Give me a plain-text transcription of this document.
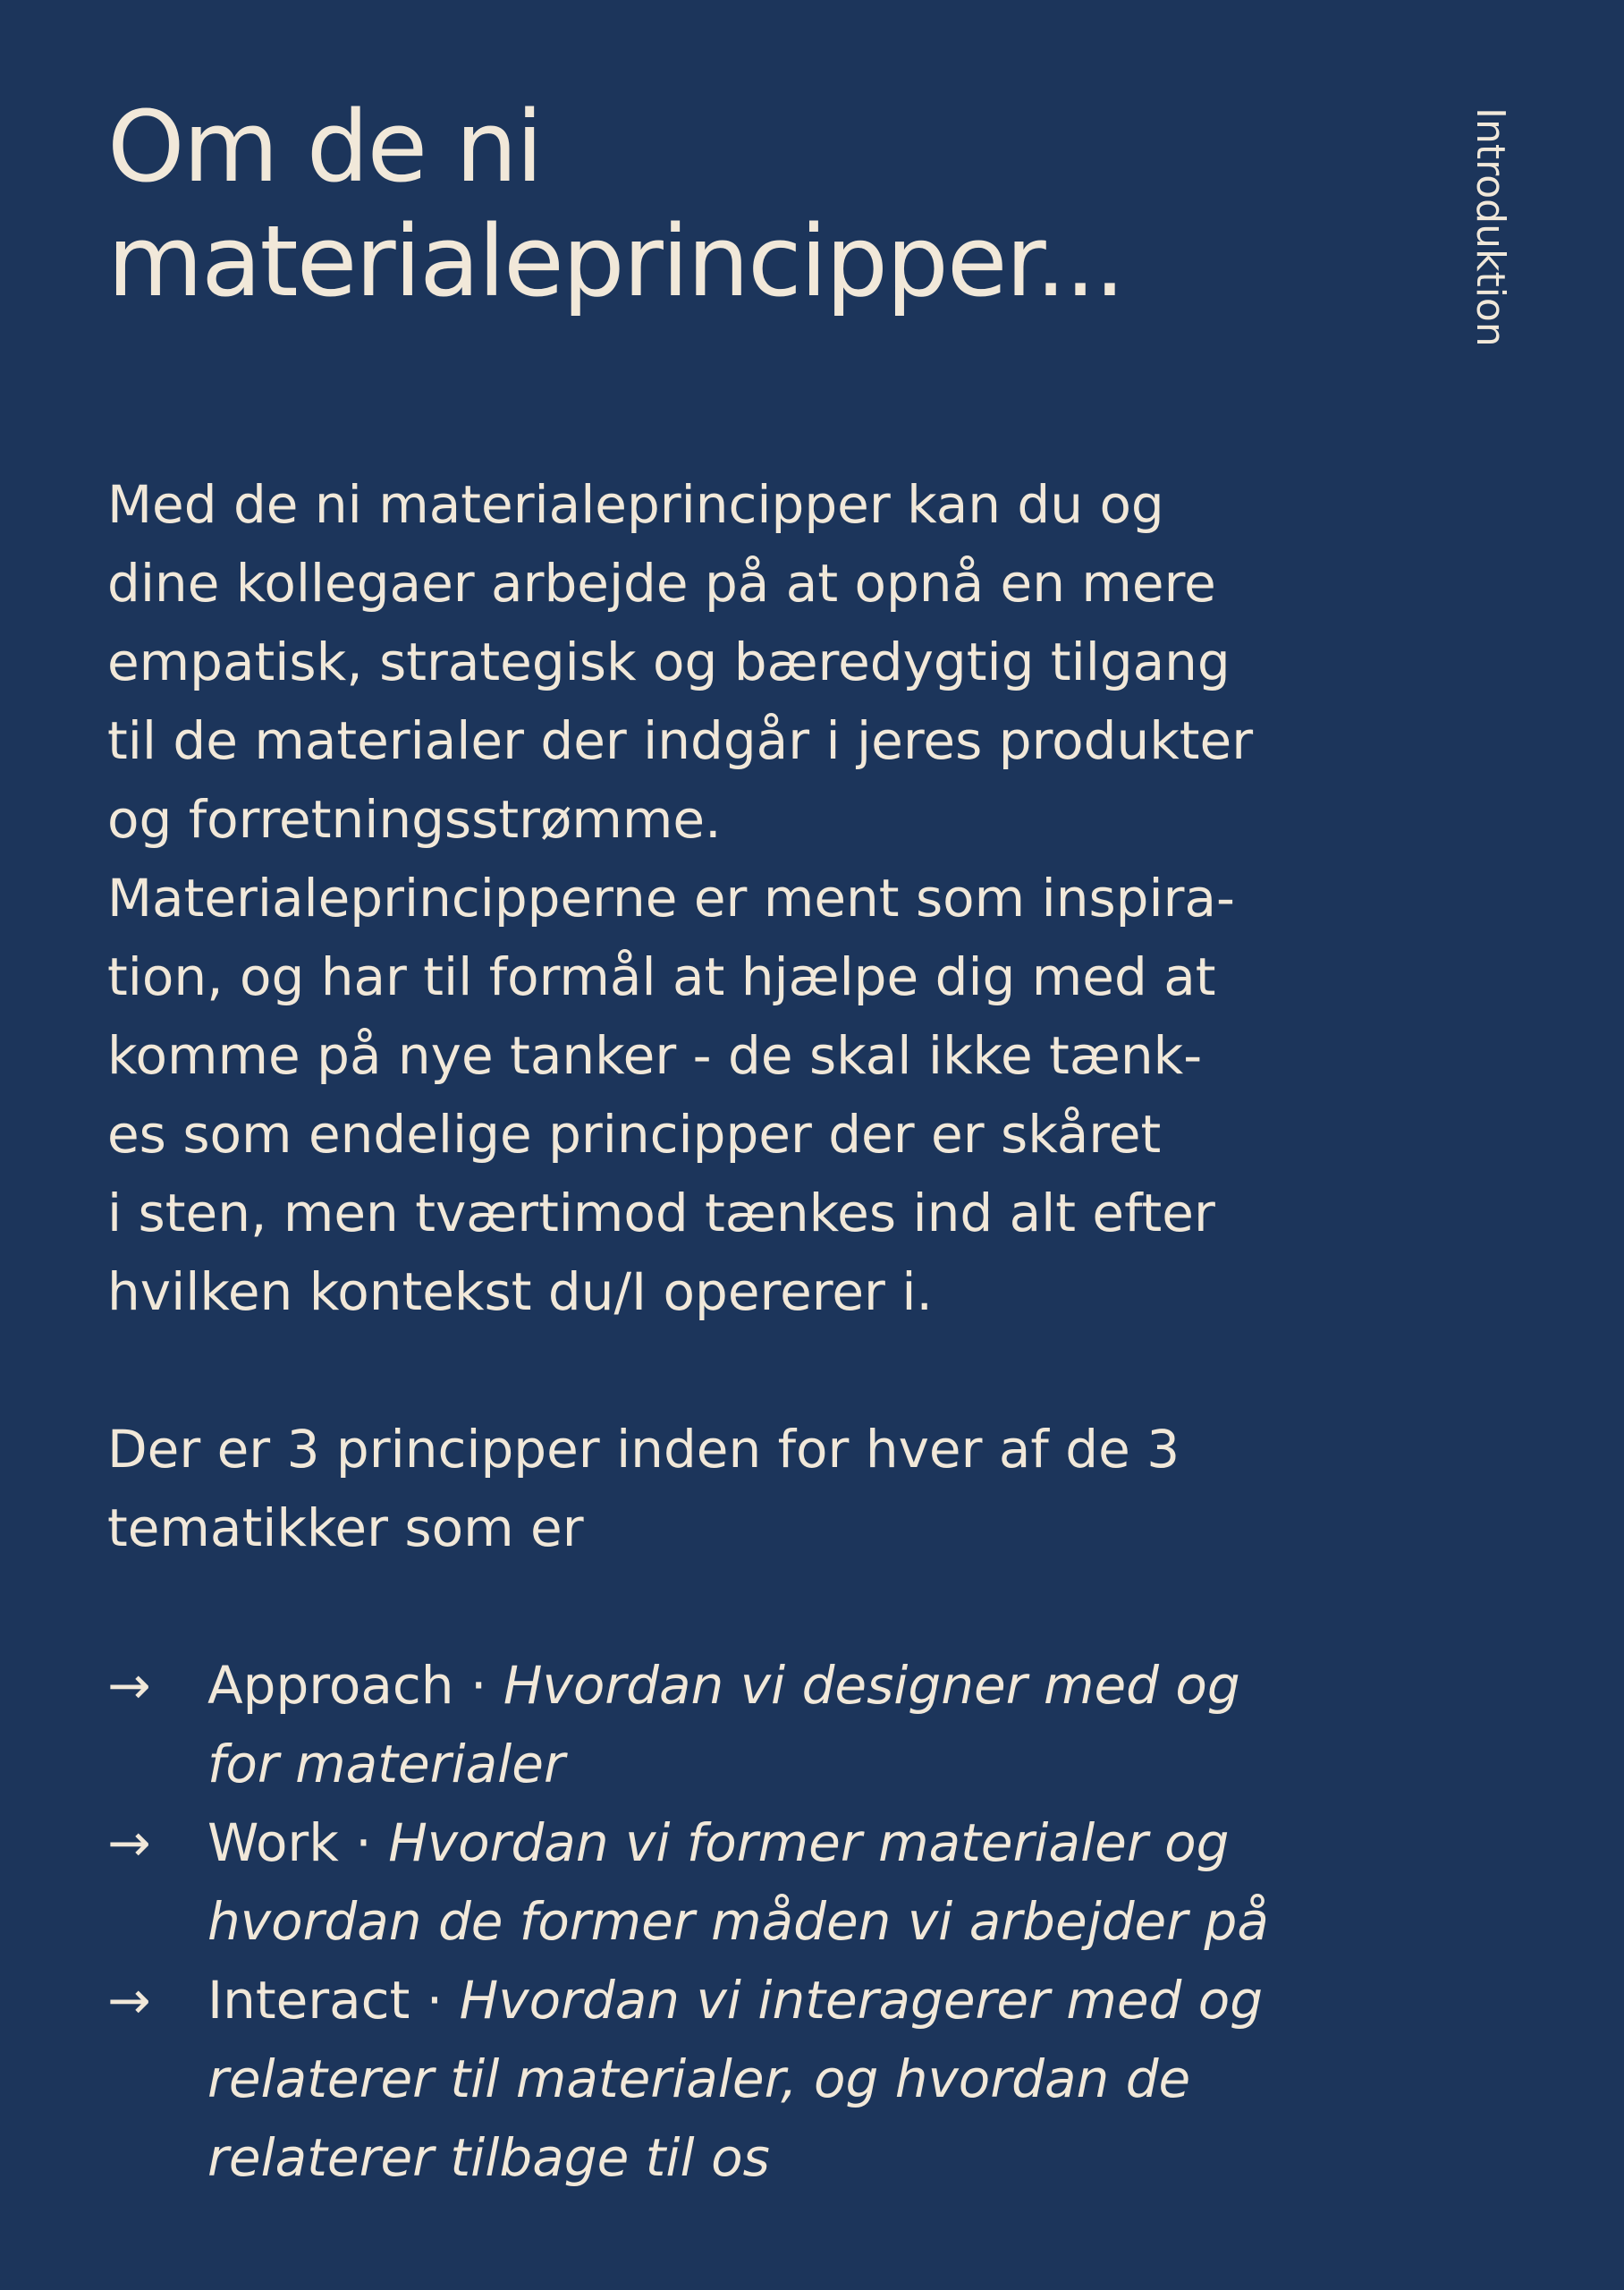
Om de ni
materialeprincipper...	Introduktion

Med de ni materialeprincipper kan du og
dine kollegaer arbejde på at opnå en mere
empatisk, strategisk og bæredygtig tilgang
til de materialer der indgår i jeres produkter
og forretningsstrømme.
Materialeprincipperne er ment som inspira-
tion, og har til formål at hjælpe dig med at
komme på nye tanker - de skal ikke tænk-
es som endelige principper der er skåret
i sten, men tværtimod tænkes ind alt efter
hvilken kontekst du/I opererer i.

Der er 3 principper inden for hver af de 3
tematikker som er

→ Approach · Hvordan vi designer med og
for materialer
→ Work · Hvordan vi former materialer og
hvordan de former måden vi arbejder på
→ Interact · Hvordan vi interagerer med og
relaterer til materialer, og hvordan de
relaterer tilbage til os
